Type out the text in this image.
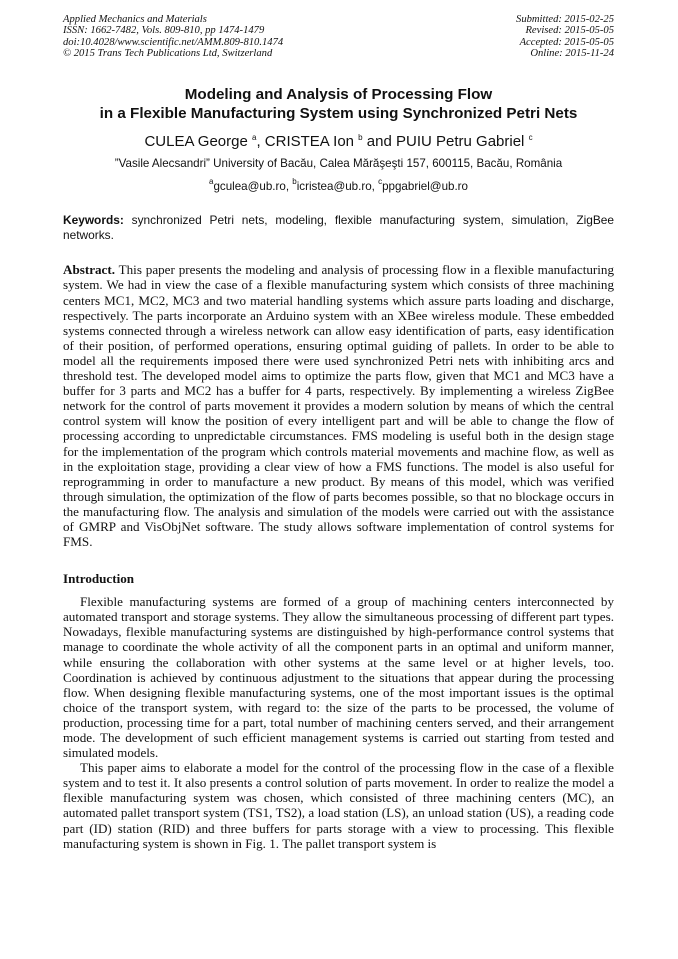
Applied Mechanics and Materials
ISSN: 1662-7482, Vols. 809-810, pp 1474-1479
doi:10.4028/www.scientific.net/AMM.809-810.1474
© 2015 Trans Tech Publications Ltd, Switzerland
Submitted: 2015-02-25
Revised: 2015-05-05
Accepted: 2015-05-05
Online: 2015-11-24
Modeling and Analysis of Processing Flow
in a Flexible Manufacturing System using Synchronized Petri Nets
CULEA George $^a$, CRISTEA Ion $^b$ and PUIU Petru Gabriel $^c$
”Vasile Alecsandri” University of Bacău, Calea Mărăşeşti 157, 600115, Bacău, România
$^a$gculea@ub.ro, $^b$icristea@ub.ro, $^c$ppgabriel@ub.ro
Keywords: synchronized Petri nets, modeling, flexible manufacturing system, simulation, ZigBee networks.
Abstract. This paper presents the modeling and analysis of processing flow in a flexible manufacturing system. We had in view the case of a flexible manufacturing system which consists of three machining centers MC1, MC2, MC3 and two material handling systems which assure parts loading and discharge, respectively. The parts incorporate an Arduino system with an XBee wireless module. These embedded systems connected through a wireless network can allow easy identification of parts, easy identification of their position, of performed operations, ensuring optimal guiding of pallets. In order to be able to model all the requirements imposed there were used synchronized Petri nets with inhibiting arcs and threshold test. The developed model aims to optimize the parts flow, given that MC1 and MC3 have a buffer for 3 parts and MC2 has a buffer for 4 parts, respectively. By implementing a wireless ZigBee network for the control of parts movement it provides a modern solution by means of which the central control system will know the position of every intelligent part and will be able to change the flow of processing according to unpredictable circumstances. FMS modeling is useful both in the design stage for the implementation of the program which controls material movements and machine flow, as well as in the exploitation stage, providing a clear view of how a FMS functions. The model is also useful for reprogramming in order to manufacture a new product. By means of this model, which was verified through simulation, the optimization of the flow of parts becomes possible, so that no blockage occurs in the manufacturing flow. The analysis and simulation of the models were carried out with the assistance of GMRP and VisObjNet software. The study allows software implementation of control systems for FMS.
Introduction

Flexible manufacturing systems are formed of a group of machining centers interconnected by automated transport and storage systems. They allow the simultaneous processing of different part types. Nowadays, flexible manufacturing systems are distinguished by high-performance control systems that manage to coordinate the whole activity of all the component parts in an optimal and uniform manner, while ensuring the collaboration with other systems at the same level or at higher levels, too. Coordination is achieved by continuous adjustment to the situations that appear during the processing flow. When designing flexible manufacturing systems, one of the most important issues is the optimal choice of the transport system, with regard to: the size of the parts to be processed, the volume of production, processing time for a part, total number of machining centers served, and their arrangement mode. The development of such efficient management systems is carried out starting from tested and simulated models.

This paper aims to elaborate a model for the control of the processing flow in the case of a flexible system and to test it. It also presents a control solution of parts movement. In order to realize the model a flexible manufacturing system was chosen, which consisted of three machining centers (MC), an automated pallet transport system (TS1, TS2), a load station (LS), an unload station (US), a reading code part (ID) station (RID) and three buffers for parts storage with a view to processing. This flexible manufacturing system is shown in Fig. 1. The pallet transport system is
